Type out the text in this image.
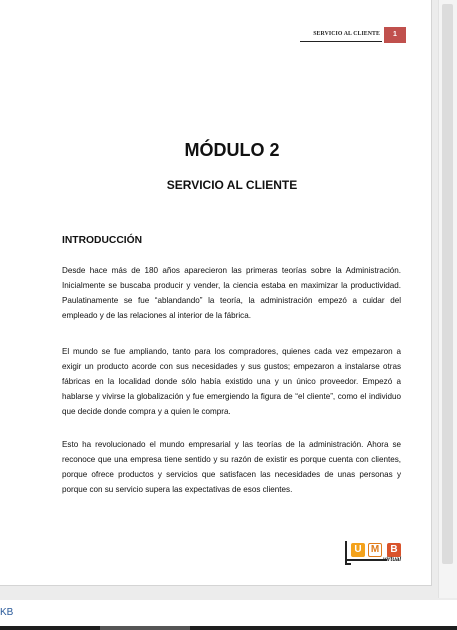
SERVICIO AL CLIENTE	1
MÓDULO 2
SERVICIO AL CLIENTE
INTRODUCCIÓN

Desde hace más de 180 años aparecieron las primeras teorías sobre la Administración. Inicialmente se buscaba producir y vender, la ciencia estaba en maximizar la productividad. Paulatinamente se fue “ablandando” la teoría, la administración empezó a cuidar del empleado y de las relaciones al interior de la fábrica.

El mundo se fue ampliando, tanto para los compradores, quienes cada vez empezaron a exigir un producto acorde con sus necesidades y sus gustos; empezaron a instalarse otras fábricas en la localidad donde sólo había existido una y un único proveedor. Empezó a hablarse y vivirse la globalización y fue emergiendo la figura de “el cliente”, como el individuo que decide donde compra y a quien le compra.

Esto ha revolucionado el mundo empresarial y las teorías de la administración. Ahora se reconoce que una empresa tiene sentido y su razón de existir es porque cuenta con clientes, porque ofrece productos y servicios que satisfacen las necesidades de unas personas y porque con su servicio supera las expectativas de esos clientes.

U M	B
virtual
KB
